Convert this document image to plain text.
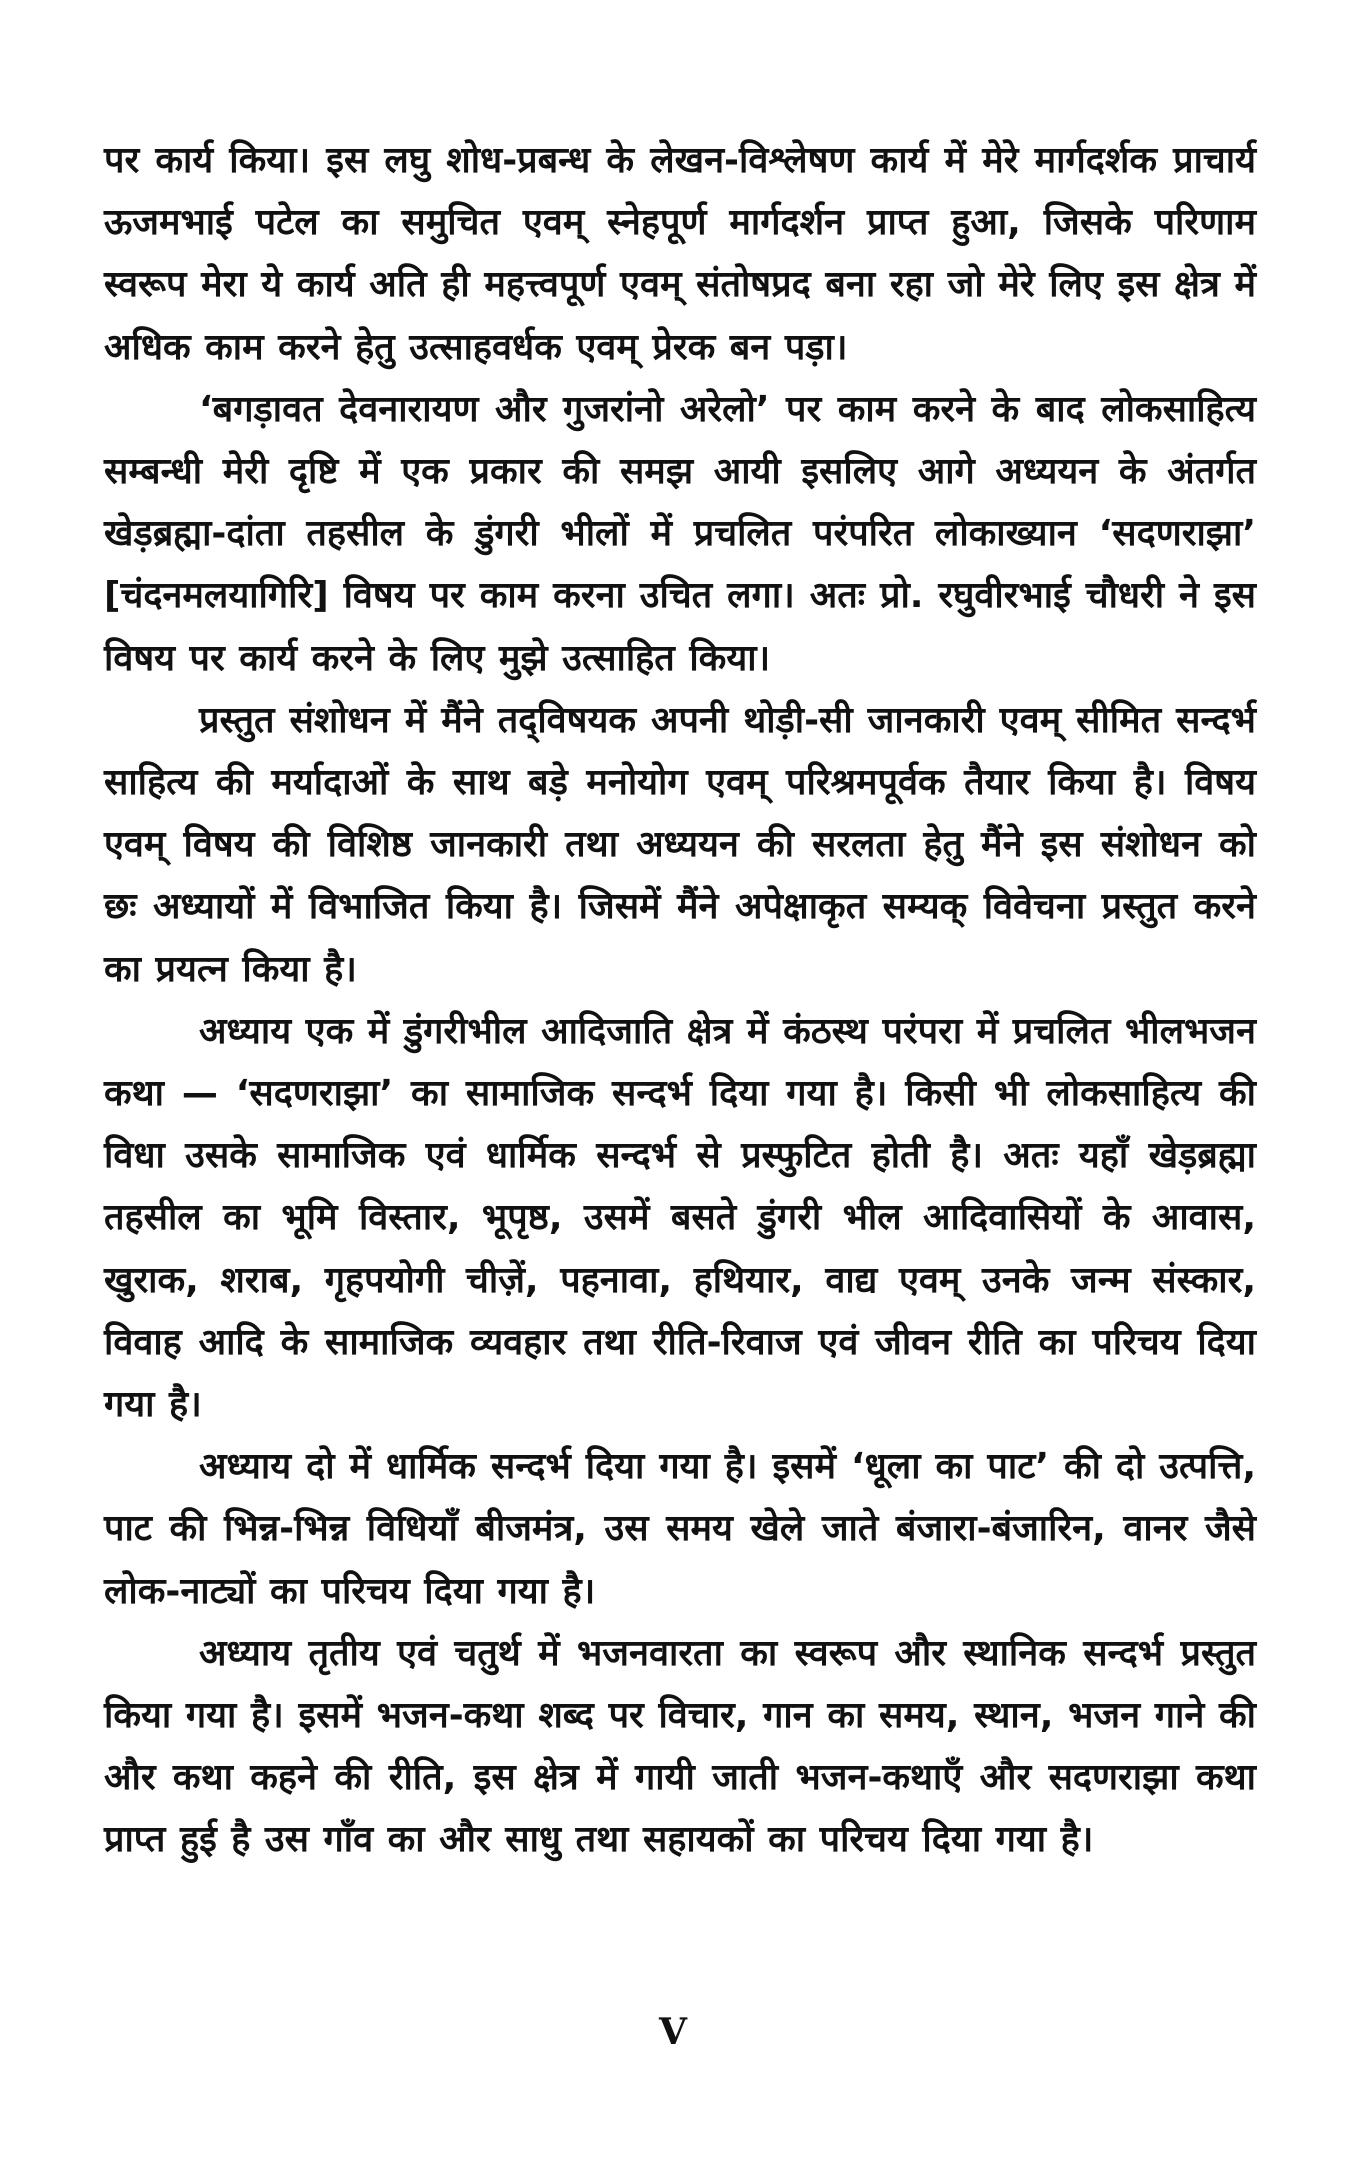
पर कार्य किया। इस लघु शोध-प्रबन्ध के लेखन-विश्लेषण कार्य में मेरे मार्गदर्शक प्राचार्य ऊजमभाई पटेल का समुचित एवम् स्नेहपूर्ण मार्गदर्शन प्राप्त हुआ, जिसके परिणाम स्वरूप मेरा ये कार्य अति ही महत्त्वपूर्ण एवम् संतोषप्रद बना रहा जो मेरे लिए इस क्षेत्र में अधिक काम करने हेतु उत्साहवर्धक एवम् प्रेरक बन पड़ा।

‘बगड़ावत देवनारायण और गुजरांनो अरेलो’ पर काम करने के बाद लोकसाहित्य सम्बन्धी मेरी दृष्टि में एक प्रकार की समझ आयी इसलिए आगे अध्ययन के अंतर्गत खेड़ब्रह्मा-दांता तहसील के डुंगरी भीलों में प्रचलित परंपरित लोकाख्यान ‘सदणराझा’ [चंदनमलयागिरि] विषय पर काम करना उचित लगा। अतः प्रो. रघुवीरभाई चौधरी ने इस विषय पर कार्य करने के लिए मुझे उत्साहित किया।

प्रस्तुत संशोधन में मैंने तद्‌विषयक अपनी थोड़ी-सी जानकारी एवम् सीमित सन्दर्भ साहित्य की मर्यादाओं के साथ बड़े मनोयोग एवम् परिश्रमपूर्वक तैयार किया है। विषय एवम् विषय की विशिष्ठ जानकारी तथा अध्ययन की सरलता हेतु मैंने इस संशोधन को छः अध्यायों में विभाजित किया है। जिसमें मैंने अपेक्षाकृत सम्यक् विवेचना प्रस्तुत करने का प्रयत्न किया है।

अध्याय एक में डुंगरीभील आदिजाति क्षेत्र में कंठस्थ परंपरा में प्रचलित भीलभजन कथा — ‘सदणराझा’ का सामाजिक सन्दर्भ दिया गया है। किसी भी लोकसाहित्य की विधा उसके सामाजिक एवं धार्मिक सन्दर्भ से प्रस्फुटित होती है। अतः यहाँ खेड़ब्रह्मा तहसील का भूमि विस्तार, भूपृष्ठ, उसमें बसते डुंगरी भील आदिवासियों के आवास, खुराक, शराब, गृहपयोगी चीज़ें, पहनावा, हथियार, वाद्य एवम् उनके जन्म संस्कार, विवाह आदि के सामाजिक व्यवहार तथा रीति-रिवाज एवं जीवन रीति का परिचय दिया गया है।

अध्याय दो में धार्मिक सन्दर्भ दिया गया है। इसमें ‘धूला का पाट’ की दो उत्पत्ति, पाट की भिन्न-भिन्न विधियाँ बीजमंत्र, उस समय खेले जाते बंजारा-बंजारिन, वानर जैसे लोक-नाट्यों का परिचय दिया गया है।

अध्याय तृतीय एवं चतुर्थ में भजनवारता का स्वरूप और स्थानिक सन्दर्भ प्रस्तुत किया गया है। इसमें भजन-कथा शब्द पर विचार, गान का समय, स्थान, भजन गाने की और कथा कहने की रीति, इस क्षेत्र में गायी जाती भजन-कथाएँ और सदणराझा कथा प्राप्त हुई है उस गाँव का और साधु तथा सहायकों का परिचय दिया गया है।

V
